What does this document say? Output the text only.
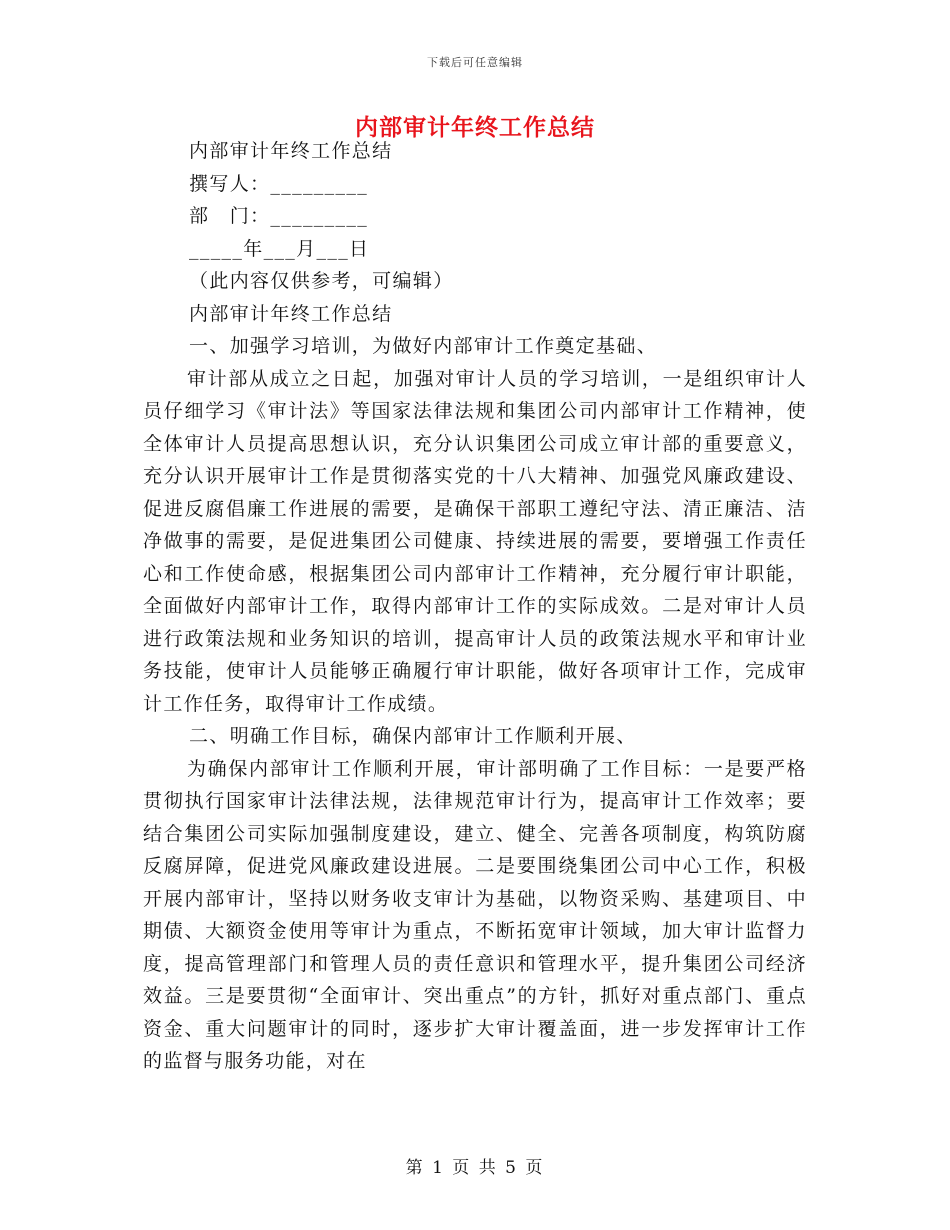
下载后可任意编辑
内部审计年终工作总结
内部审计年终工作总结
撰写人：_________
部　门：_________
_____年___月___日
（此内容仅供参考，可编辑）
内部审计年终工作总结
一、加强学习培训，为做好内部审计工作奠定基础、
审计部从成立之日起，加强对审计人员的学习培训，一是组织审计人员仔细学习《审计法》等国家法律法规和集团公司内部审计工作精神，使全体审计人员提高思想认识，充分认识集团公司成立审计部的重要意义，充分认识开展审计工作是贯彻落实党的十八大精神、加强党风廉政建设、促进反腐倡廉工作进展的需要，是确保干部职工遵纪守法、清正廉洁、洁净做事的需要，是促进集团公司健康、持续进展的需要，要增强工作责任心和工作使命感，根据集团公司内部审计工作精神，充分履行审计职能，全面做好内部审计工作，取得内部审计工作的实际成效。二是对审计人员进行政策法规和业务知识的培训，提高审计人员的政策法规水平和审计业务技能，使审计人员能够正确履行审计职能，做好各项审计工作，完成审计工作任务，取得审计工作成绩。
二、明确工作目标，确保内部审计工作顺利开展、
为确保内部审计工作顺利开展，审计部明确了工作目标：一是要严格贯彻执行国家审计法律法规，法律规范审计行为，提高审计工作效率；要结合集团公司实际加强制度建设，建立、健全、完善各项制度，构筑防腐反腐屏障，促进党风廉政建设进展。二是要围绕集团公司中心工作，积极开展内部审计，坚持以财务收支审计为基础，以物资采购、基建项目、中期债、大额资金使用等审计为重点，不断拓宽审计领域，加大审计监督力度，提高管理部门和管理人员的责任意识和管理水平，提升集团公司经济效益。三是要贯彻“全面审计、突出重点”的方针，抓好对重点部门、重点资金、重大问题审计的同时，逐步扩大审计覆盖面，进一步发挥审计工作的监督与服务功能，对在
第 1 页 共 5 页
